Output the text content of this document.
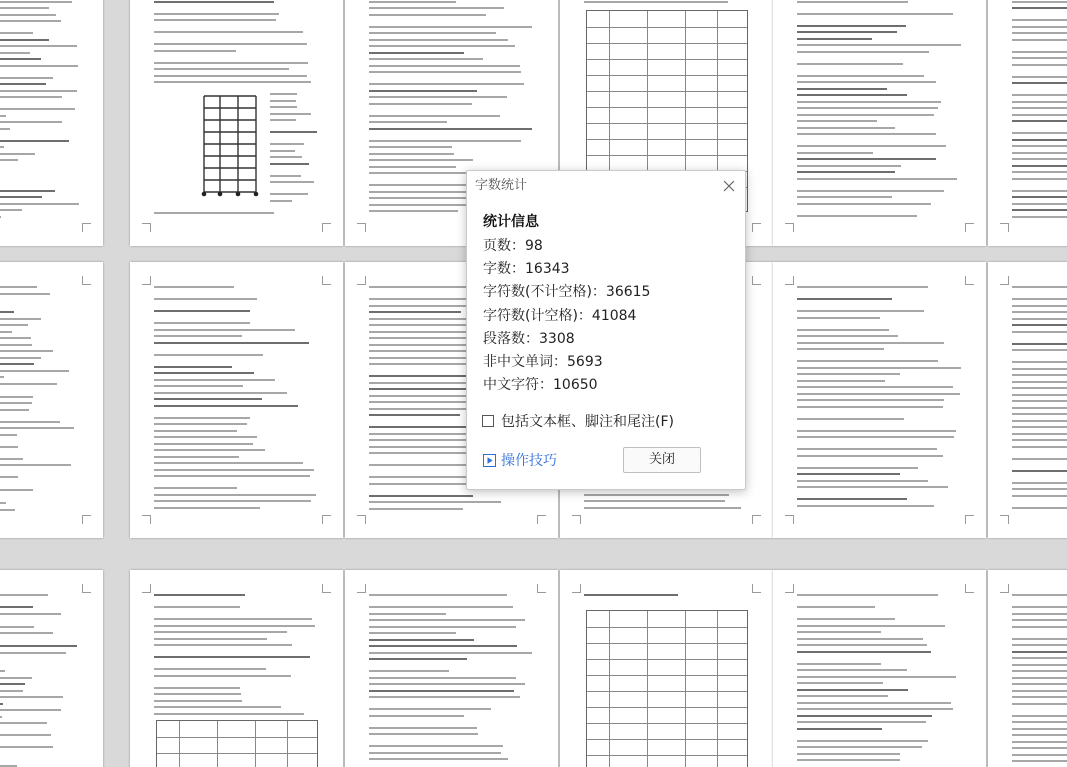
字数统计
统计信息
页数：98
字数：16343
字符数(不计空格)：36615
字符数(计空格)：41084
段落数：3308
非中文单词：5693
中文字符：10650
包括文本框、脚注和尾注(F)
操作技巧	关闭
